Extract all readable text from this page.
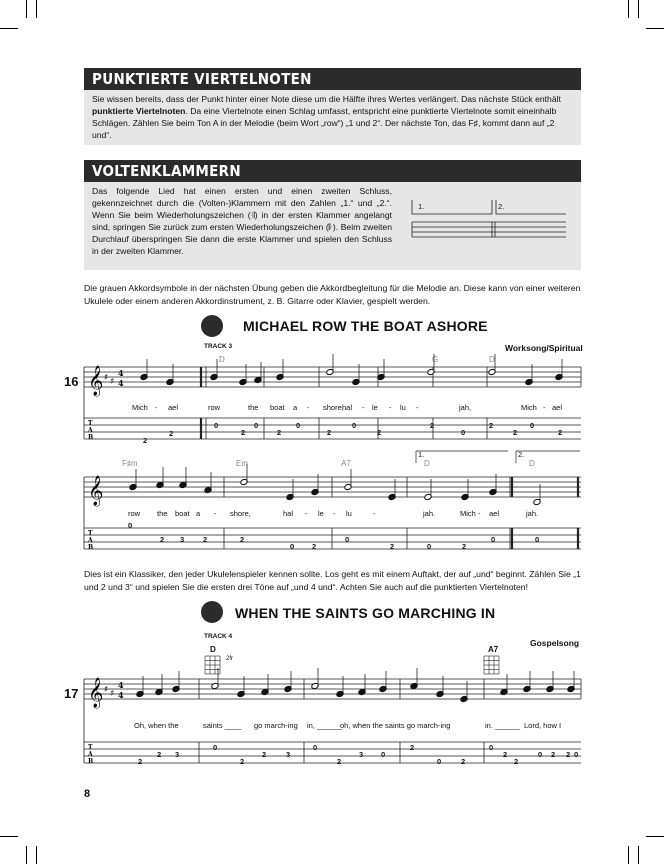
PUNKTIERTE VIERTELNOTEN
Sie wissen bereits, dass der Punkt hinter einer Note diese um die Hälfte ihres Wertes verlängert. Das nächste Stück enthält punktierte Viertelnoten. Da eine Viertelnote einen Schlag umfasst, entspricht eine punktierte Viertelnote somit eineinhalb Schlägen. Zählen Sie beim Ton A in der Melodie (beim Wort „row“) „1 und 2“. Der nächste Ton, das F♯, kommt dann auf „2 und“.
VOLTENKLAMMERN
Das folgende Lied hat einen ersten und einen zweiten Schluss, gekennzeichnet durch die (Volten-)Klammern mit den Zahlen „1.“ und „2.“. Wenn Sie beim Wiederholungszeichen (𝄇) in der ersten Klammer angelangt sind, springen Sie zurück zum ersten Wiederholungszeichen (𝄆). Beim zweiten Durchlauf überspringen Sie dann die erste Klammer und spielen den Schluss in der zweiten Klammer.
1.	2.
Die grauen Akkordsymbole in der nächsten Übung geben die Akkordbegleitung für die Melodie an. Diese kann von einer weiteren Ukulele oder einem anderen Akkordinstrument, z. B. Gitarre oder Klavier, gespielt werden.
MICHAEL ROW THE BOAT ASHORE
TRACK 3	Worksong/Spiritual
16
D	G	D
Mich - ael	row	the boat a - shore,
hal - le - lu -	jah,	Mich - ael
2
2
0
2
0
2
0
2
0
2
2
0
2
2
0
2
F♯m	Em	A7	D	D
1.	2.
row the boat a - shore,	hal - le - lu	-	jah.	Mich - ael	jah.
0
2 3	2	2
0 2
0
2	0	2
0	0
Dies ist ein Klassiker, den jeder Ukulelenspieler kennen sollte. Los geht es mit einem Auftakt, der auf „und“ beginnt. Zählen Sie „1 und 2 und 3“ und spielen Sie die ersten drei Töne auf „und 4 und“. Achten Sie auch auf die punktierten Viertelnoten!
WHEN THE SAINTS GO MARCHING IN
TRACK 4
Gospelsong
D	A7
2fr
17
Oh, when the	saints ____ go march-ing in, ______
oh, when the saints go march-ing	in. ______ Lord, how I
2
2 3
0
2
2	3
0
2
3 0
2
0	2
0
2
2	0 2 2 0
8
𝄞
T
A
B
♯ ♯
4
4
𝄞
T
A
B
𝄞
T
A
B
♯ ♯
4
4
